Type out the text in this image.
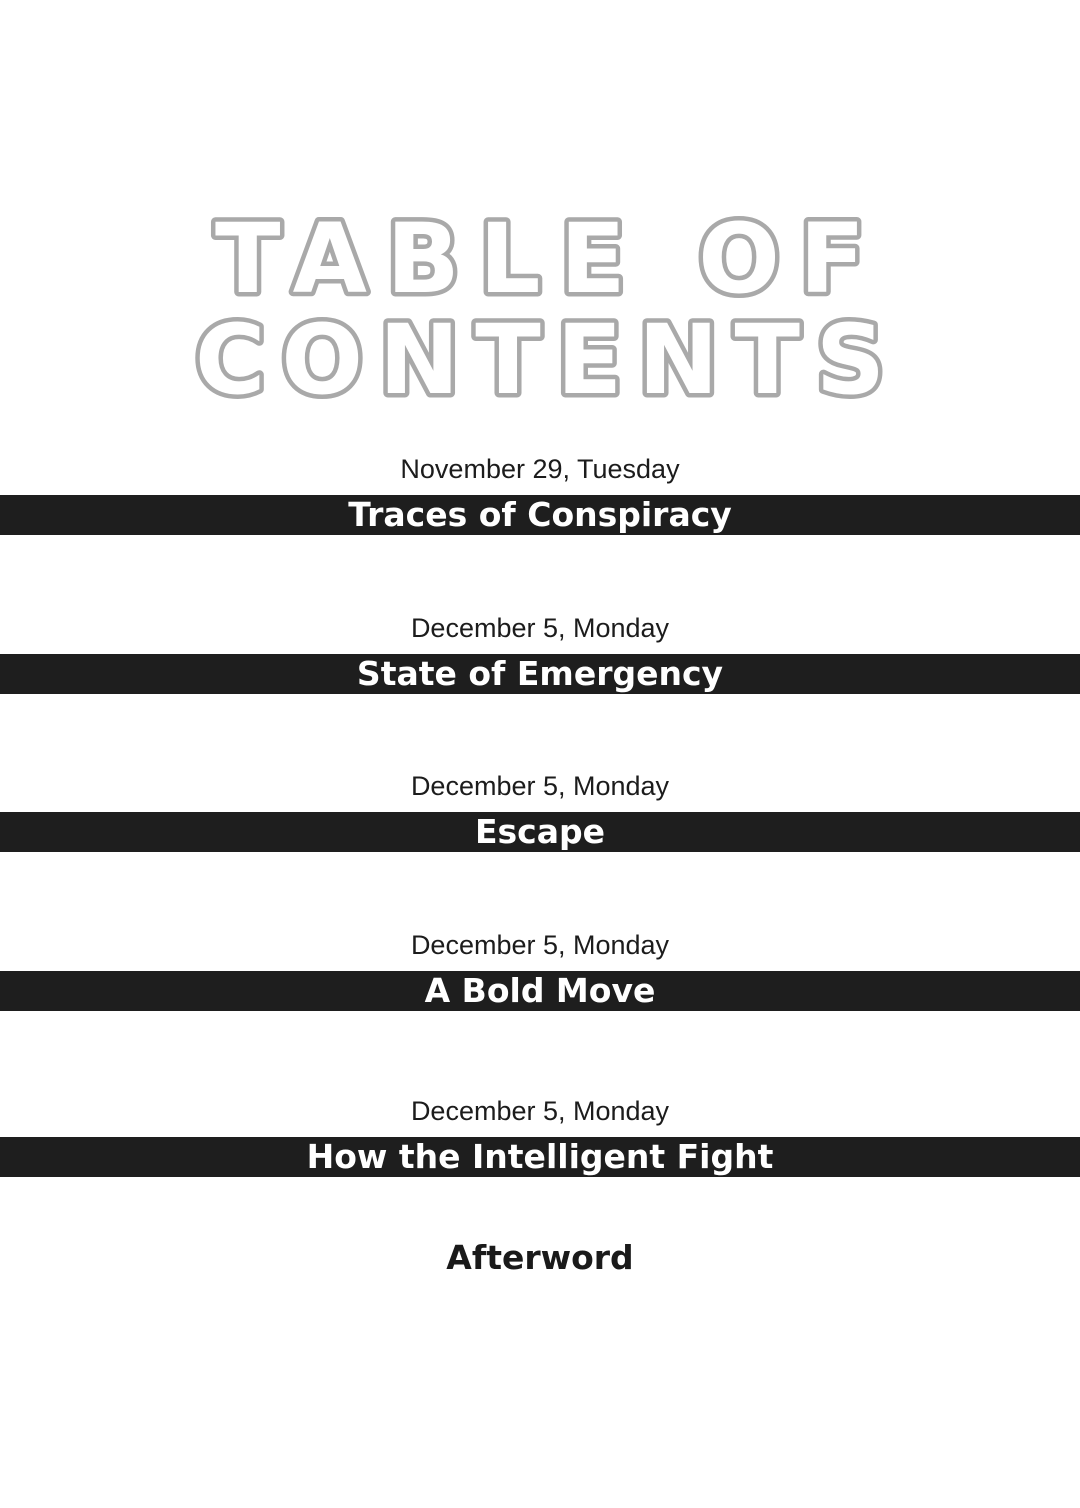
TABLE OF
CONTENTS
November 29, Tuesday
Traces of Conspiracy
December 5, Monday
State of Emergency
December 5, Monday
Escape
December 5, Monday
A Bold Move
December 5, Monday
How the Intelligent Fight
Afterword
